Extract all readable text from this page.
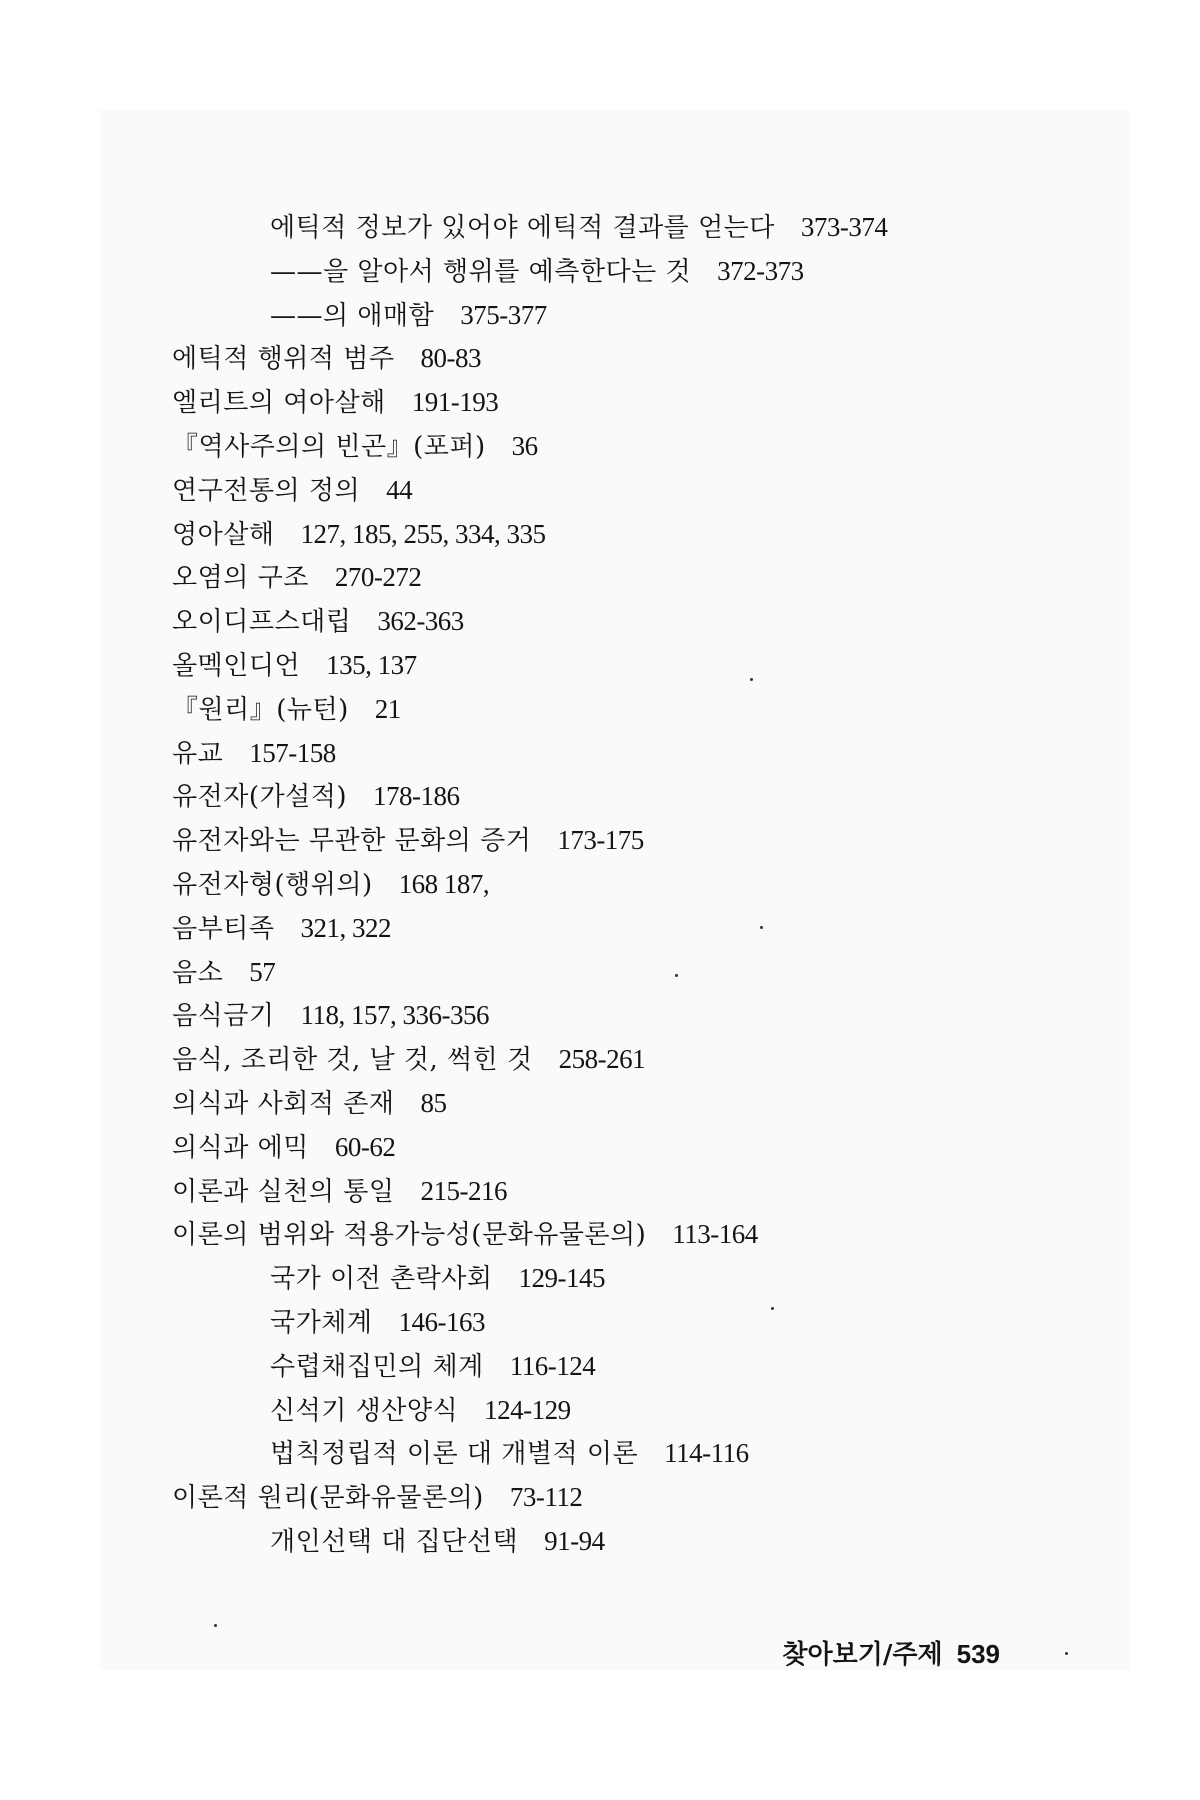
에틱적 정보가 있어야 에틱적 결과를 얻는다 373-374
——을 알아서 행위를 예측한다는 것 372-373
——의 애매함 375-377
에틱적 행위적 범주 80-83
엘리트의 여아살해 191-193
『역사주의의 빈곤』(포퍼) 36
연구전통의 정의 44
영아살해 127, 185, 255, 334, 335
오염의 구조 270-272
오이디프스대립 362-363
올멕인디언 135, 137
『원리』(뉴턴) 21
유교 157-158
유전자(가설적) 178-186
유전자와는 무관한 문화의 증거 173-175
유전자형(행위의) 168 187,
음부티족 321, 322
음소 57
음식금기 118, 157, 336-356
음식, 조리한 것, 날 것, 썩힌 것 258-261
의식과 사회적 존재 85
의식과 에믹 60-62
이론과 실천의 통일 215-216
이론의 범위와 적용가능성(문화유물론의) 113-164
국가 이전 촌락사회 129-145
국가체계 146-163
수렵채집민의 체계 116-124
신석기 생산양식 124-129
법칙정립적 이론 대 개별적 이론 114-116
이론적 원리(문화유물론의) 73-112
개인선택 대 집단선택 91-94
찾아보기/주제 539
